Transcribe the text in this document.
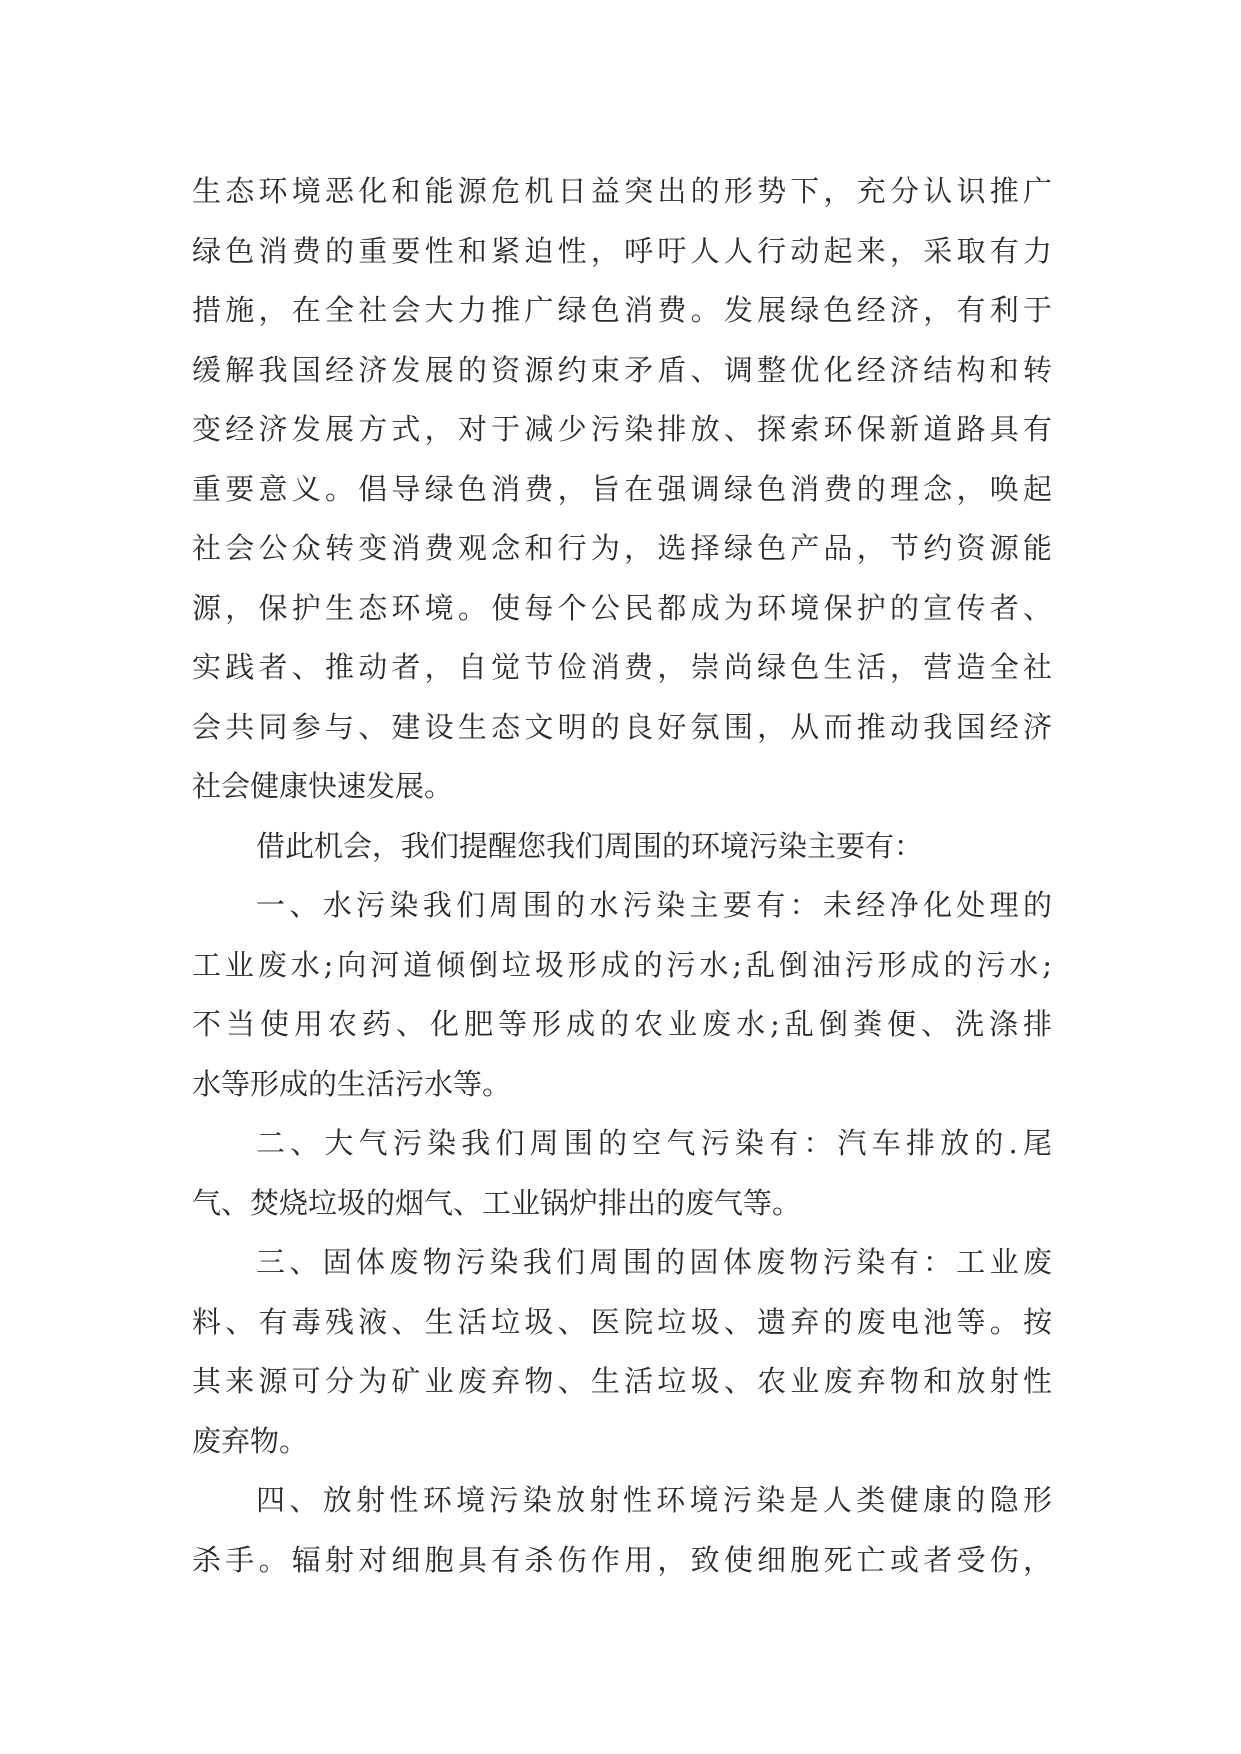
生态环境恶化和能源危机日益突出的形势下，充分认识推广
绿色消费的重要性和紧迫性，呼吁人人行动起来，采取有力
措施，在全社会大力推广绿色消费。发展绿色经济，有利于
缓解我国经济发展的资源约束矛盾、调整优化经济结构和转
变经济发展方式，对于减少污染排放、探索环保新道路具有
重要意义。倡导绿色消费，旨在强调绿色消费的理念，唤起
社会公众转变消费观念和行为，选择绿色产品，节约资源能
源，保护生态环境。使每个公民都成为环境保护的宣传者、
实践者、推动者，自觉节俭消费，崇尚绿色生活，营造全社
会共同参与、建设生态文明的良好氛围，从而推动我国经济
社会健康快速发展。
借此机会，我们提醒您我们周围的环境污染主要有：
一、水污染我们周围的水污染主要有：未经净化处理的
工业废水;向河道倾倒垃圾形成的污水;乱倒油污形成的污水;
不当使用农药、化肥等形成的农业废水;乱倒粪便、洗涤排
水等形成的生活污水等。
二、大气污染我们周围的空气污染有：汽车排放的.尾
气、焚烧垃圾的烟气、工业锅炉排出的废气等。
三、固体废物污染我们周围的固体废物污染有：工业废
料、有毒残液、生活垃圾、医院垃圾、遗弃的废电池等。按
其来源可分为矿业废弃物、生活垃圾、农业废弃物和放射性
废弃物。
四、放射性环境污染放射性环境污染是人类健康的隐形
杀手。辐射对细胞具有杀伤作用，致使细胞死亡或者受伤，
